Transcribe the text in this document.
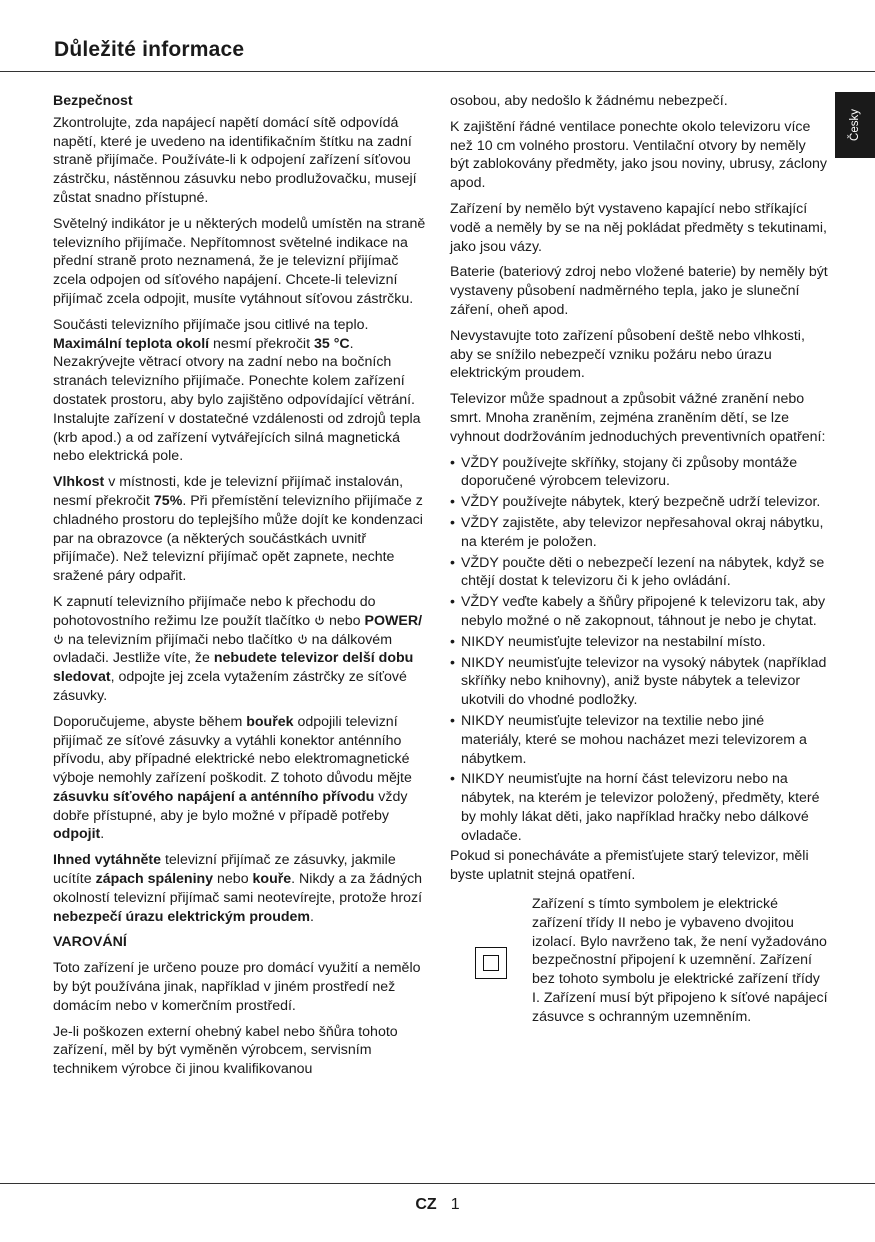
Důležité informace
Česky
Bezpečnost

Zkontrolujte, zda napájecí napětí domácí sítě odpovídá napětí, které je uvedeno na identifikačním štítku na zadní straně přijímače. Používáte-li k odpojení zařízení síťovou zástrčku, nástěnnou zásuvku nebo prodlužovačku, musejí zůstat snadno přístupné.

Světelný indikátor je u některých modelů umístěn na straně televizního přijímače. Nepřítomnost světelné indikace na přední straně proto neznamená, že je televizní přijímač zcela odpojen od síťového napájení. Chcete-li televizní přijímač zcela odpojit, musíte vytáhnout síťovou zástrčku.

Součásti televizního přijímače jsou citlivé na teplo. Maximální teplota okolí nesmí překročit 35 °C. Nezakrývejte větrací otvory na zadní nebo na bočních stranách televizního přijímače. Ponechte kolem zařízení dostatek prostoru, aby bylo zajištěno odpovídající větrání. Instalujte zařízení v dostatečné vzdálenosti od zdrojů tepla (krb apod.) a od zařízení vytvářejících silná magnetická nebo elektrická pole.

Vlhkost v místnosti, kde je televizní přijímač instalován, nesmí překročit 75%. Při přemístění televizního přijímače z chladného prostoru do teplejšího může dojít ke kondenzaci par na obrazovce (a některých součástkách uvnitř přijímače). Než televizní přijímač opět zapnete, nechte sražené páry odpařit.

K zapnutí televizního přijímače nebo k přechodu do pohotovostního režimu lze použít tlačítko  nebo POWER/ na televizním přijímači nebo tlačítko  na dálkovém ovladači. Jestliže víte, že nebudete televizor delší dobu sledovat, odpojte jej zcela vytažením zástrčky ze síťové zásuvky.

Doporučujeme, abyste během bouřek odpojili televizní přijímač ze síťové zásuvky a vytáhli konektor anténního přívodu, aby případné elektrické nebo elektromagnetické výboje nemohly zařízení poškodit. Z tohoto důvodu mějte zásuvku síťového napájení a anténního přívodu vždy dobře přístupné, aby je bylo možné v případě potřeby odpojit.

Ihned vytáhněte televizní přijímač ze zásuvky, jakmile ucítíte zápach spáleniny nebo kouře. Nikdy a za žádných okolností televizní přijímač sami neotevírejte, protože hrozí nebezpečí úrazu elektrickým proudem.

VAROVÁNÍ

Toto zařízení je určeno pouze pro domácí využití a nemělo by být používána jinak, například v jiném prostředí než domácím nebo v komerčním prostředí.

Je-li poškozen externí ohebný kabel nebo šňůra tohoto zařízení, měl by být vyměněn výrobcem, servisním technikem výrobce či jinou kvalifikovanou

osobou, aby nedošlo k žádnému nebezpečí.

K zajištění řádné ventilace ponechte okolo televizoru více než 10 cm volného prostoru. Ventilační otvory by neměly být zablokovány předměty, jako jsou noviny, ubrusy, záclony apod.

Zařízení by nemělo být vystaveno kapající nebo stříkající vodě a neměly by se na něj pokládat předměty s tekutinami, jako jsou vázy.

Baterie (bateriový zdroj nebo vložené baterie) by neměly být vystaveny působení nadměrného tepla, jako je sluneční záření, oheň apod.

Nevystavujte toto zařízení působení deště nebo vlhkosti, aby se snížilo nebezpečí vzniku požáru nebo úrazu elektrickým proudem.

Televizor může spadnout a způsobit vážné zranění nebo smrt. Mnoha zraněním, zejména zraněním dětí, se lze vyhnout dodržováním jednoduchých preventivních opatření:

• VŽDY používejte skříňky, stojany či způsoby montáže doporučené výrobcem televizoru.
• VŽDY používejte nábytek, který bezpečně udrží televizor.
• VŽDY zajistěte, aby televizor nepřesahoval okraj nábytku, na kterém je položen.
• VŽDY poučte děti o nebezpečí lezení na nábytek, když se chtějí dostat k televizoru či k jeho ovládání.
• VŽDY veďte kabely a šňůry připojené k televizoru tak, aby nebylo možné o ně zakopnout, táhnout je nebo je chytat.
• NIKDY neumisťujte televizor na nestabilní místo.
• NIKDY neumisťujte televizor na vysoký nábytek (například skříňky nebo knihovny), aniž byste nábytek a televizor ukotvili do vhodné podložky.
• NIKDY neumisťujte televizor na textilie nebo jiné materiály, které se mohou nacházet mezi televizorem a nábytkem.
• NIKDY neumisťujte na horní část televizoru nebo na nábytek, na kterém je televizor položený, předměty, které by mohly lákat děti, jako například hračky nebo dálkové ovladače.

Pokud si ponecháváte a přemisťujete starý televizor, měli byste uplatnit stejná opatření.

Zařízení s tímto symbolem je elektrické zařízení třídy II nebo je vybaveno dvojitou izolací. Bylo navrženo tak, že není vyžadováno bezpečnostní připojení k uzemnění. Zařízení bez tohoto symbolu je elektrické zařízení třídy I. Zařízení musí být připojeno k síťové napájecí zásuvce s ochranným uzemněním.
CZ 1
